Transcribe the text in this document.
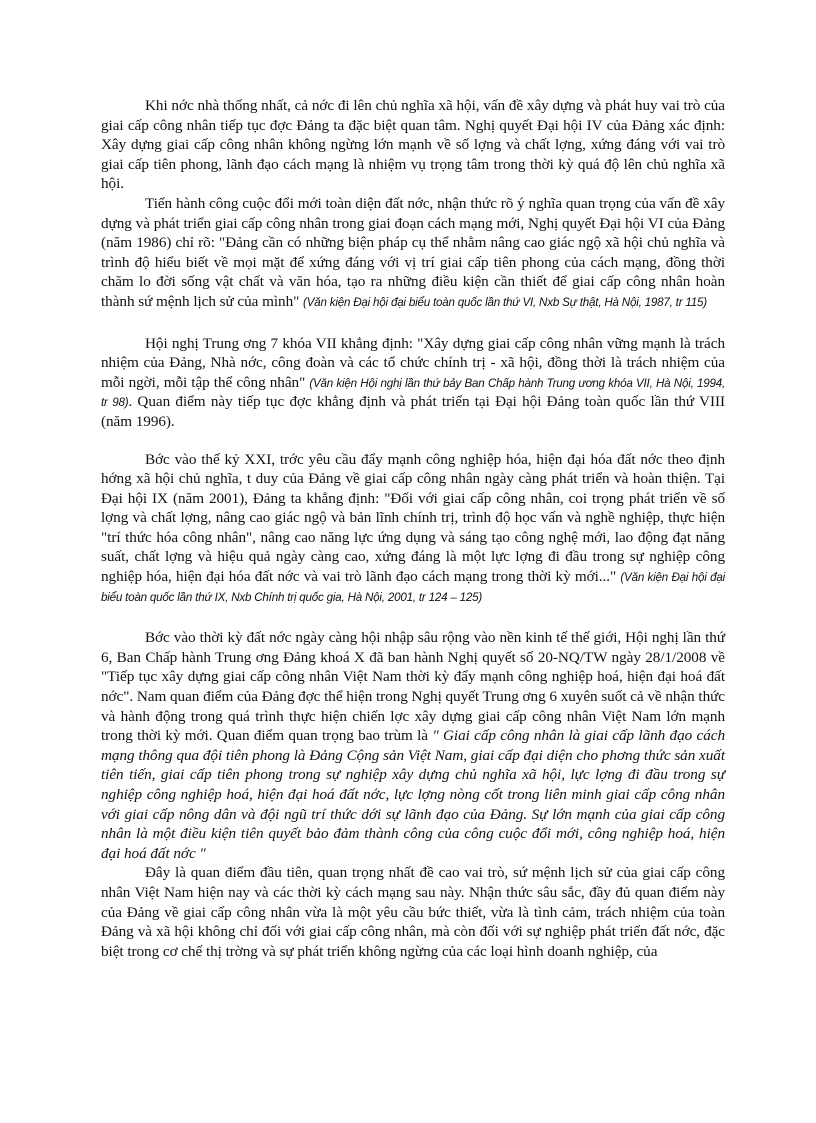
Khi nớc nhà thống nhất, cả nớc đi lên chủ nghĩa xã hội, vấn đề xây dựng và phát huy vai trò của giai cấp công nhân tiếp tục đợc Đảng ta đặc biệt quan tâm. Nghị quyết Đại hội IV của Đảng xác định: Xây dựng giai cấp công nhân không ngừng lớn mạnh về số lợng và chất lợng, xứng đáng với vai trò giai cấp tiên phong, lãnh đạo cách mạng là nhiệm vụ trọng tâm trong thời kỳ quá độ lên chủ nghĩa xã hội.

Tiến hành công cuộc đổi mới toàn diện đất nớc, nhận thức rõ ý nghĩa quan trọng của vấn đề xây dựng và phát triển giai cấp công nhân trong giai đoạn cách mạng mới, Nghị quyết Đại hội VI của Đảng (năm 1986) chỉ rõ: "Đảng cần có những biện pháp cụ thể nhằm nâng cao giác ngộ xã hội chủ nghĩa và trình độ hiểu biết về mọi mặt để xứng đáng với vị trí giai cấp tiên phong của cách mạng, đồng thời chăm lo đời sống vật chất và văn hóa, tạo ra những điều kiện cần thiết để giai cấp công nhân hoàn thành sứ mệnh lịch sử của mình" (Văn kiện Đại hội đại biểu toàn quốc lần thứ VI, Nxb Sự thật, Hà Nội, 1987, tr 115)

Hội nghị Trung ơng 7 khóa VII khẳng định: "Xây dựng giai cấp công nhân vững mạnh là trách nhiệm của Đảng, Nhà nớc, công đoàn và các tổ chức chính trị - xã hội, đồng thời là trách nhiệm của mỗi ngời, mỗi tập thể công nhân" (Văn kiện Hội nghị lần thứ bảy Ban Chấp hành Trung ương khóa VII, Hà Nội, 1994, tr 98). Quan điểm này tiếp tục đợc khẳng định và phát triển tại Đại hội Đảng toàn quốc lần thứ VIII (năm 1996).

Bớc vào thế kỷ XXI, trớc yêu cầu đẩy mạnh công nghiệp hóa, hiện đại hóa đất nớc theo định hớng xã hội chủ nghĩa, t duy của Đảng về giai cấp công nhân ngày càng phát triển và hoàn thiện. Tại Đại hội IX (năm 2001), Đảng ta khẳng định: "Đối với giai cấp công nhân, coi trọng phát triển về số lợng và chất lợng, nâng cao giác ngộ và bản lĩnh chính trị, trình độ học vấn và nghề nghiệp, thực hiện "trí thức hóa công nhân", nâng cao năng lực ứng dụng và sáng tạo công nghệ mới, lao động đạt năng suất, chất lợng và hiệu quả ngày càng cao, xứng đáng là một lực lợng đi đầu trong sự nghiệp công nghiệp hóa, hiện đại hóa đất nớc và vai trò lãnh đạo cách mạng trong thời kỳ mới..." (Văn kiện Đại hội đại biểu toàn quốc lần thứ IX, Nxb Chính trị quốc gia, Hà Nội, 2001, tr 124 – 125)

Bớc vào thời kỳ đất nớc ngày càng hội nhập sâu rộng vào nền kinh tế thế giới, Hội nghị lần thứ 6, Ban Chấp hành Trung ơng Đảng khoá X đã ban hành Nghị quyết số 20-NQ/TW ngày 28/1/2008 về "Tiếp tục xây dựng giai cấp công nhân Việt Nam thời kỳ đẩy mạnh công nghiệp hoá, hiện đại hoá đất nớc". Nam quan điểm của Đảng đợc thể hiện trong Nghị quyết Trung ơng 6 xuyên suốt cả về nhận thức và hành động trong quá trình thực hiện chiến lợc xây dựng giai cấp công nhân Việt Nam lớn mạnh trong thời kỳ mới. Quan điểm quan trọng bao trùm là " Giai cấp công nhân là giai cấp lãnh đạo cách mạng thông qua đội tiên phong là Đảng Cộng sản Việt Nam, giai cấp đại diện cho phơng thức sản xuất tiên tiến, giai cấp tiên phong trong sự nghiệp xây dựng chủ nghĩa xã hội, lực lợng đi đầu trong sự nghiệp công nghiệp hoá, hiện đại hoá đất nớc, lực lợng nòng cốt trong liên minh giai cấp công nhân với giai cấp nông dân và đội ngũ trí thức dới sự lãnh đạo của Đảng. Sự lớn mạnh của giai cấp công nhân là một điều kiện tiên quyết bảo đảm thành công của công cuộc đổi mới, công nghiệp hoá, hiện đại hoá đất nớc "

Đây là quan điểm đầu tiên, quan trọng nhất đề cao vai trò, sứ mệnh lịch sử của giai cấp công nhân Việt Nam hiện nay và các thời kỳ cách mạng sau này. Nhận thức sâu sắc, đầy đủ quan điểm này của Đảng về giai cấp công nhân vừa là một yêu cầu bức thiết, vừa là tình cảm, trách nhiệm của toàn Đảng và xã hội không chỉ đối với giai cấp công nhân, mà còn đối với sự nghiệp phát triển đất nớc, đặc biệt trong cơ chế thị trờng và sự phát triển không ngừng của các loại hình doanh nghiệp, của
